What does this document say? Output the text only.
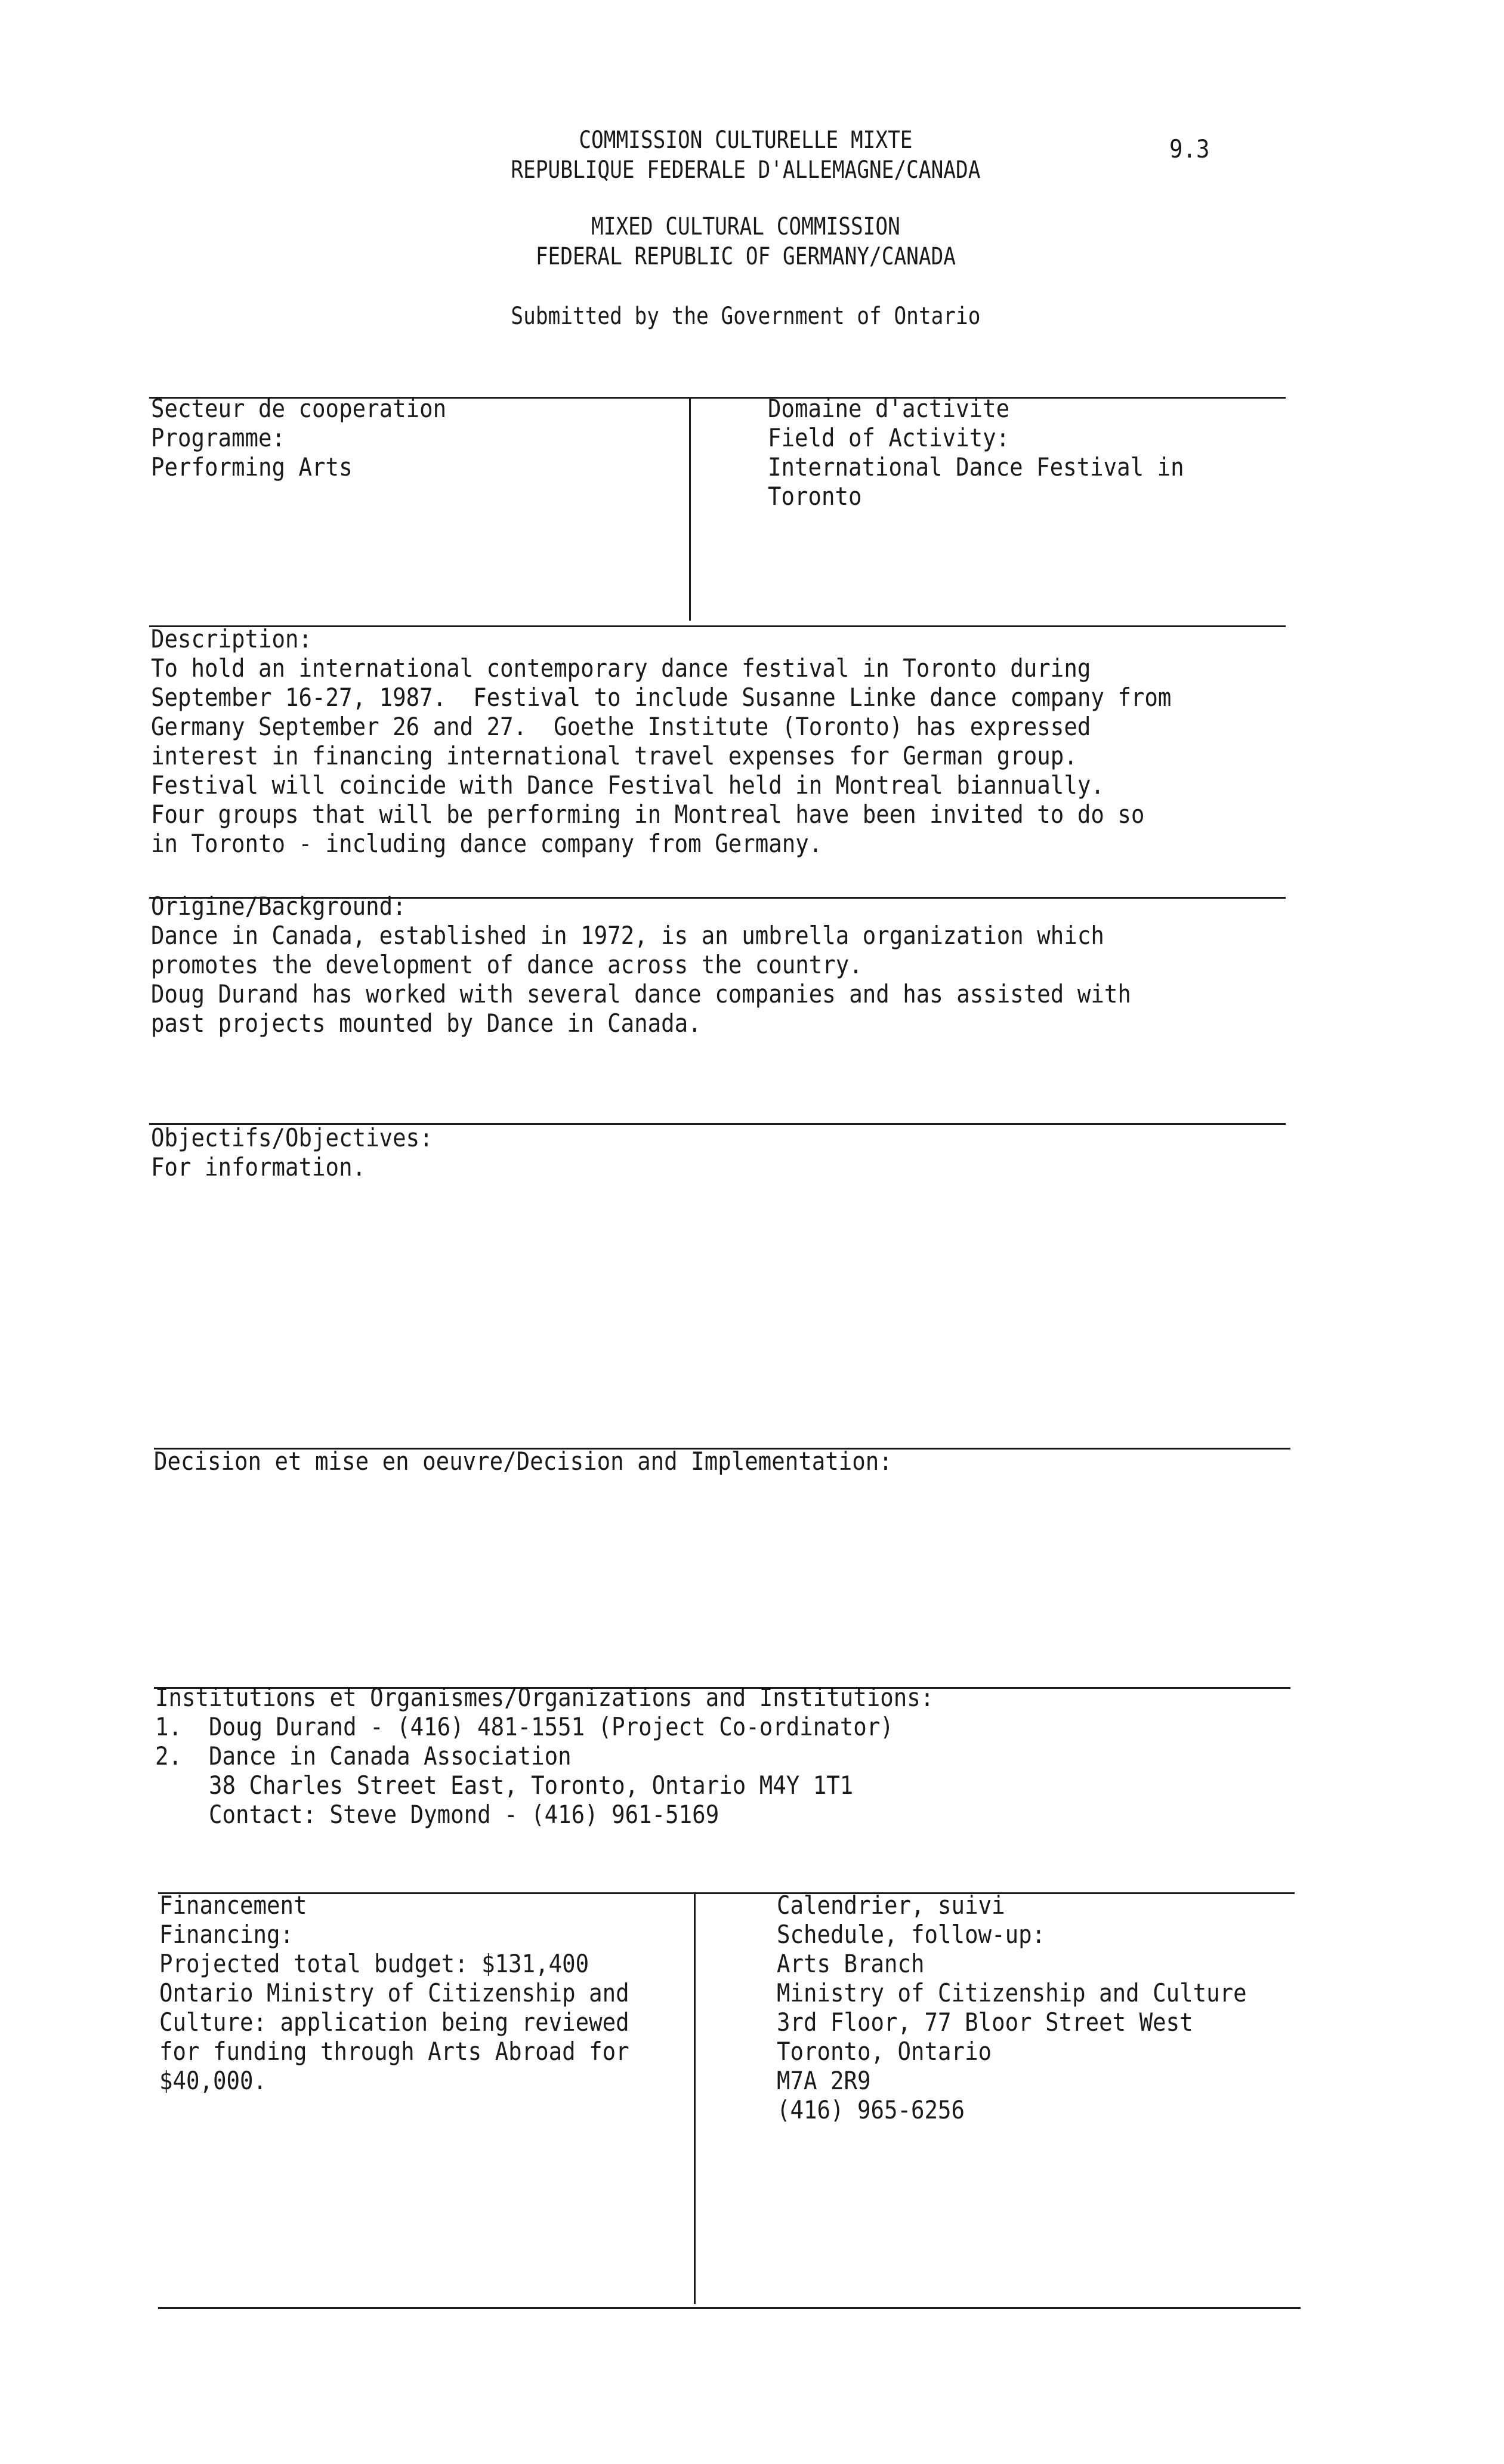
COMMISSION CULTURELLE MIXTE
REPUBLIQUE FEDERALE D'ALLEMAGNE/CANADA
MIXED CULTURAL COMMISSION
FEDERAL REPUBLIC OF GERMANY/CANADA
Submitted by the Government of Ontario
9.3
Secteur de cooperation
Programme:
Performing Arts
Domaine d'activite
Field of Activity:
International Dance Festival in
Toronto
Description:
To hold an international contemporary dance festival in Toronto during
September 16-27, 1987.  Festival to include Susanne Linke dance company from
Germany September 26 and 27.  Goethe Institute (Toronto) has expressed
interest in financing international travel expenses for German group.
Festival will coincide with Dance Festival held in Montreal biannually.
Four groups that will be performing in Montreal have been invited to do so
in Toronto - including dance company from Germany.
Origine/Background:
Dance in Canada, established in 1972, is an umbrella organization which
promotes the development of dance across the country.
Doug Durand has worked with several dance companies and has assisted with
past projects mounted by Dance in Canada.
Objectifs/Objectives:
For information.
Decision et mise en oeuvre/Decision and Implementation:
Institutions et Organismes/Organizations and Institutions:
1.  Doug Durand - (416) 481-1551 (Project Co-ordinator)
2.  Dance in Canada Association
38 Charles Street East, Toronto, Ontario M4Y 1T1
Contact: Steve Dymond - (416) 961-5169
Financement
Financing:
Projected total budget: $131,400
Ontario Ministry of Citizenship and
Culture: application being reviewed
for funding through Arts Abroad for
$40,000.
Calendrier, suivi
Schedule, follow-up:
Arts Branch
Ministry of Citizenship and Culture
3rd Floor, 77 Bloor Street West
Toronto, Ontario
M7A 2R9
(416) 965-6256
